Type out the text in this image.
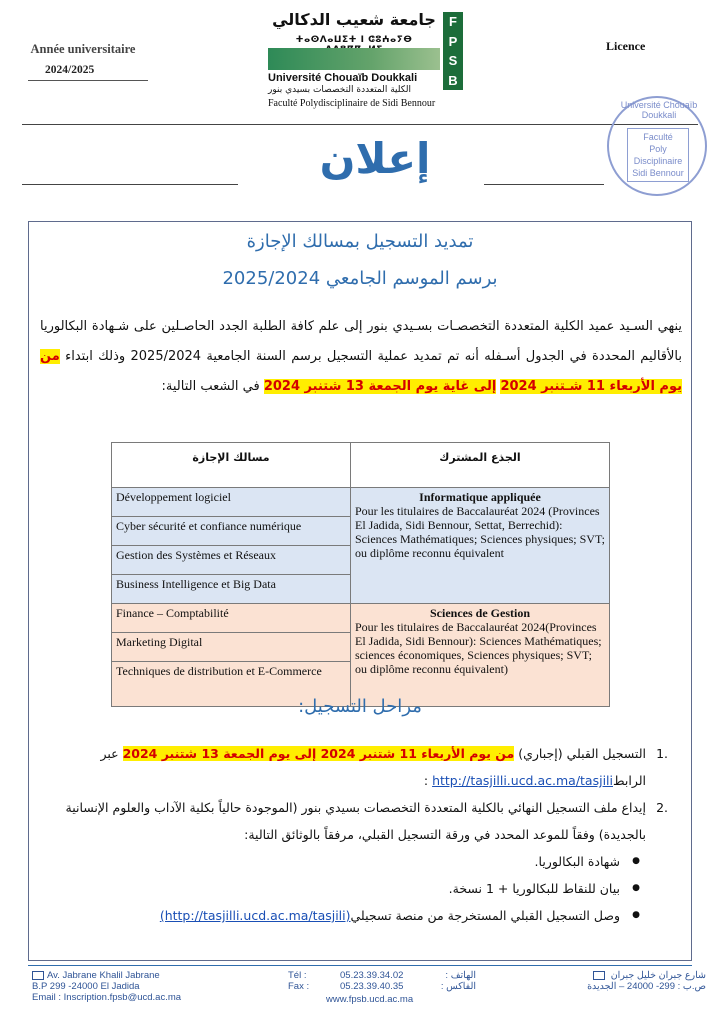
Année universitaire
2024/2025
Licence
جامعة شعيب الدكالي
ⵜⴰⵙⴷⴰⵡⵉⵜ ⵏ ⵛⵓⵄⴰⵢⴱ
Université Chouaïb Doukkali
الكلية المتعددة التخصصات بسيدي بنور
Faculté Polydisciplinaire de Sidi Bennour
F
P
S
B
Université Chouaïb Doukkali
Faculté
Poly Disciplinaire
Sidi Bennour
إعلان
تمديد التسجيل بمسالك الإجازة
برسم الموسم الجامعي 2025/2024
ينهي السـيد عميد الكلية المتعددة التخصصـات بسـيدي بنور إلى علم كافة الطلبة الجدد الحاصـلين على شـهادة البكالوريا بالأقاليم المحددة في الجدول أسـفله أنه تم تمديد عملية التسجيل برسم السنة الجامعية 2025/2024 وذلك ابتداء من يوم الأربعاء 11 شـتنبر 2024 إلى غاية يوم الجمعة 13 شتنبر 2024 في الشعب التالية:
مسالك الإجازة	الجذع المشترك
Développement logiciel	Informatique appliquée
Pour les titulaires de Baccalauréat 2024 (Provinces El Jadida, Sidi Bennour, Settat, Berrechid): Sciences Mathématiques; Sciences physiques; SVT; ou diplôme reconnu équivalent

Cyber sécurité et confiance numérique	
Gestion des Systèmes et Réseaux	
Business Intelligence et Big Data	
Finance – Comptabilité	Sciences de Gestion
Pour les titulaires de Baccalauréat 2024(Provinces El Jadida, Sidi Bennour): Sciences Mathématiques; sciences économiques, Sciences physiques; SVT; ou diplôme reconnu équivalent)

Marketing Digital	
Techniques de distribution et E-Commerce	
مراحل التسجيل:
.1
التسجيل القبلي (إجباري) من يوم الأربعاء 11 شتنبر 2024 إلى يوم الجمعة 13 شتنبر 2024 عبر الرابطhttp://tasjilli.ucd.ac.ma/tasjili :
.2
إيداع ملف التسجيل النهائي بالكلية المتعددة التخصصات بسيدي بنور (الموجودة حالياً بكلية الآداب والعلوم الإنسانية بالجديدة) وفقاً للموعد المحدد في ورقة التسجيل القبلي، مرفقاً بالوثائق التالية:
● شهادة البكالوريا.
● بيان للنقاط للبكالوريا + 1 نسخة.
● وصل التسجيل القبلي المستخرجة من منصة تسجيلي(http://tasjilli.ucd.ac.ma/tasjili)
Av. Jabrane Khalil Jabrane
B.P 299 -24000 El Jadida
Email : Inscription.fpsb@ucd.ac.ma
Tél :
Fax :
05.23.39.34.02
05.23.39.40.35
www.fpsb.ucd.ac.ma
الهاتف :
الفاكس :
شارع جبران خليل جبران
ص.ب : 299- 24000 – الجديدة
